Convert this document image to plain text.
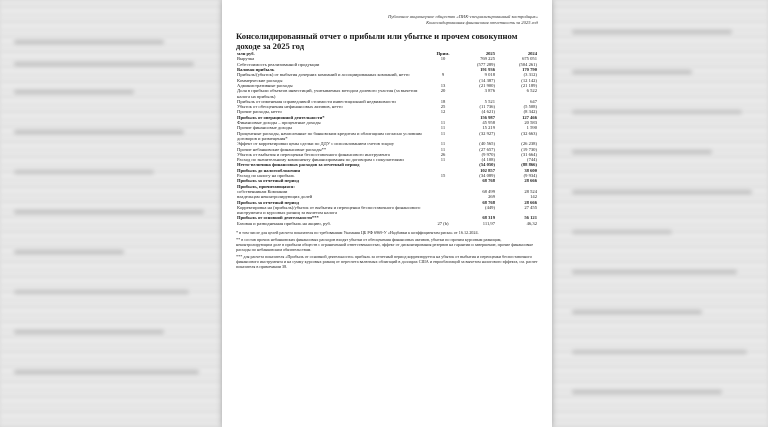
Публичное акционерное общество «ПИК-специализированный застройщик»
Консолидированная финансовая отчетность за 2025 год
Консолидированный отчет о прибыли или убытке и прочем совокупном доходе за 2025 год
млн руб.	Прим.	2025	2024
Выручка	10	769 225	675 051
Себестоимость реализованной продукции		(577 289)	(504 261)
Валовая прибыль		191 936	170 790
Прибыль/(убыток) от выбытия дочерних компаний и ассоциированных компаний, нетто	9	9 018	(3 312)
Коммерческие расходы		(14 387)	(12 142)
Административные расходы	13	(21 900)	(21 189)
Доля в прибыли объектов инвестиций, учитываемых методом долевого участия (за вычетом налога на прибыль)	20	3 876	6 522
Прибыль от изменения справедливой стоимости инвестиционной недвижимости	18	5 521	647
Убыток от обесценения нефинансовых активов, нетто	25	(11 736)	(5 508)
Прочие расходы, нетто	12	(4 621)	(8 342)
Прибыль от операционной деятельности*		156 987	127 466
Финансовые доходы – процентные доходы	11	45 958	20 583
Прочие финансовые доходы	11	15 219	1 590
Процентные расходы, начисленные по банковским кредитам и облигациям согласно условиям договоров и размещения*	11	(32 927)	(32 663)
Эффект от корректировки цены сделки по ДДУ с использованием счетов эскроу	11	(40 565)	(26 238)
Прочие небанковские финансовые расходы**	11	(27 657)	(19 730)
Убыток от выбытия и переоценки беспоставочного финансового инструмента	26	(9 970)	(31 664)
Расход по значительному компоненту финансирования по договорам с покупателями	11	(4 108)	(744)
Нетто-величина финансовых расходов за отчетный период		(54 050)	(88 866)
Прибыль до налогообложения		102 857	38 600
Расход по налогу на прибыль	15	(34 089)	(9 934)
Прибыль за отчетный период		68 768	28 666
Прибыль, причитающаяся:			
собственникам Компании		68 499	28 524
владельцам неконтролирующих долей		269	142
Прибыль за отчетный период		68 768	28 666
Корректировка на (прибыль)/убыток от выбытия и переоценки беспоставочного финансового инструмента и курсовых разниц за вычетом налога		(449)	27 455
Прибыль от основной деятельности***		68 319	56 121
Базовая и разводненная прибыль на акцию, руб.	27 (b)	111,97	46,32

* в том числе для целей расчета показателя по требованиям Указания ЦБ РФ 6969-У «Надбавки к коэффициентам риска» от 16.12.2024.

** в состав прочих небанковских финансовых расходов входят убытки от обесценения финансовых активов, убытки по прочим курсовым разницам, неконтролирующим доле в прибыли обществ с ограниченной ответственностью, эффект от дисконтирования резервов на гарантии и завершение, прочие финансовые расходы по небанковским обязательствам.

*** для расчета показателя «Прибыль от основной деятельности» прибыль за отчетный период корректируется на убыток от выбытия и переоценки беспоставочного финансового инструмента и на сумму курсовых разниц от пересчета валютных облигаций в долларах США и еврооблигаций за вычетом налогового эффекта, см. расчет показателя в примечании 38.
